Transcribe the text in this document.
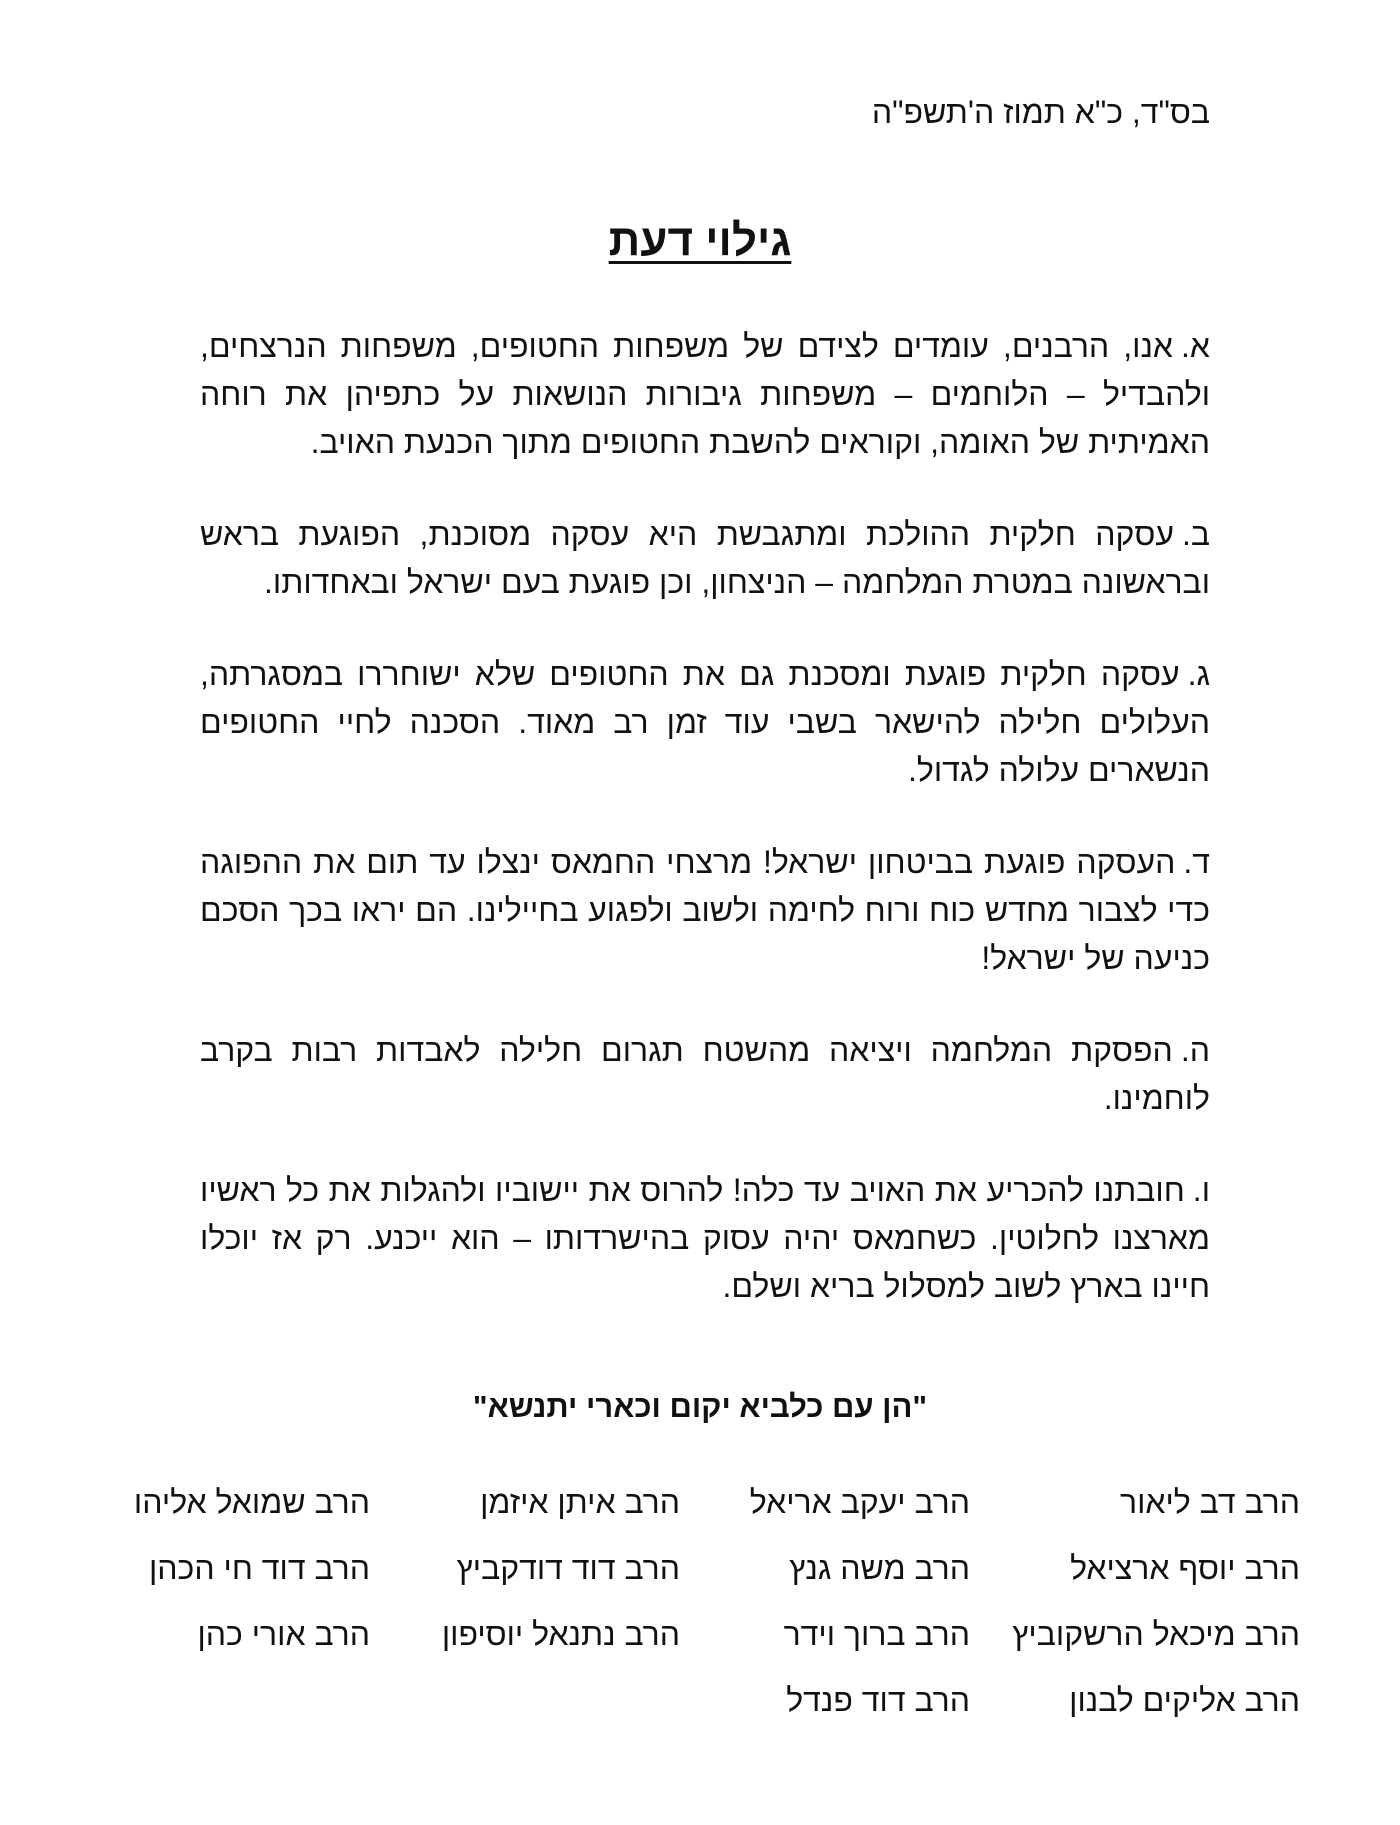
בס"ד, כ"א תמוז ה'תשפ"ה
גילוי דעת

א.אנו, הרבנים, עומדים לצידם של משפחות החטופים, משפחות הנרצחים, ולהבדיל – הלוחמים – משפחות גיבורות הנושאות על כתפיהן את רוחה האמיתית של האומה, וקוראים להשבת החטופים מתוך הכנעת האויב.

ב.עסקה חלקית ההולכת ומתגבשת היא עסקה מסוכנת, הפוגעת בראש ובראשונה במטרת המלחמה – הניצחון, וכן פוגעת בעם ישראל ובאחדותו.

ג.עסקה חלקית פוגעת ומסכנת גם את החטופים שלא ישוחררו במסגרתה, העלולים חלילה להישאר בשבי עוד זמן רב מאוד. הסכנה לחיי החטופים הנשארים עלולה לגדול.

ד.העסקה פוגעת בביטחון ישראל! מרצחי החמאס ינצלו עד תום את ההפוגה כדי לצבור מחדש כוח ורוח לחימה ולשוב ולפגוע בחיילינו. הם יראו בכך הסכם כניעה של ישראל!

ה.הפסקת המלחמה ויציאה מהשטח תגרום חלילה לאבדות רבות בקרב לוחמינו.

ו.חובתנו להכריע את האויב עד כלה! להרוס את יישוביו ולהגלות את כל ראשיו מארצנו לחלוטין. כשחמאס יהיה עסוק בהישרדותו – הוא ייכנע. רק אז יוכלו חיינו בארץ לשוב למסלול בריא ושלם.

"הן עם כלביא יקום וכארי יתנשא"
הרב דב ליאור
הרב יעקב אריאל
הרב איתן איזמן
הרב שמואל אליהו
הרב יוסף ארציאל
הרב משה גנץ
הרב דוד דודקביץ
הרב דוד חי הכהן
הרב מיכאל הרשקוביץ
הרב ברוך וידר
הרב נתנאל יוסיפון
הרב אורי כהן
הרב אליקים לבנון
הרב דוד פנדל
